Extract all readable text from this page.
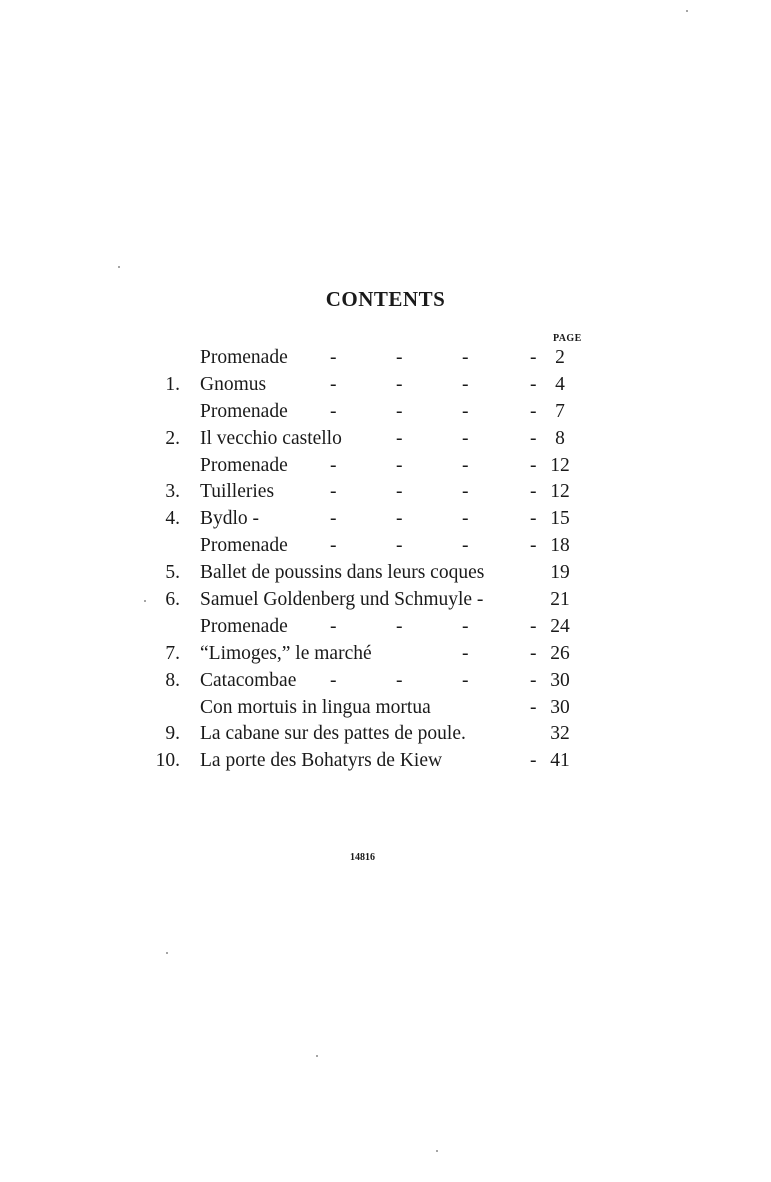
CONTENTS
PAGE
Promenade -	-	-	- 2
1. Gnomus	-	-	-	- 4
Promenade -	-	-	- 7
2. Il vecchio castello	-	-	- 8
Promenade -	-	-	- 12
3. Tuilleries	-	-	-	- 12
4. Bydlo -	-	-	-	- 15
Promenade -	-	-	- 18
5. Ballet de poussins dans leurs coques	19
6. Samuel Goldenberg und Schmuyle -	21
Promenade -	-	-	- 24
7. “Limoges,” le marché	-	- 26
8. Catacombae -	-	-	- 30
Con mortuis in lingua mortua	- 30
9. La cabane sur des pattes de poule.	32
10. La porte des Bohatyrs de Kiew	- 41
14816
